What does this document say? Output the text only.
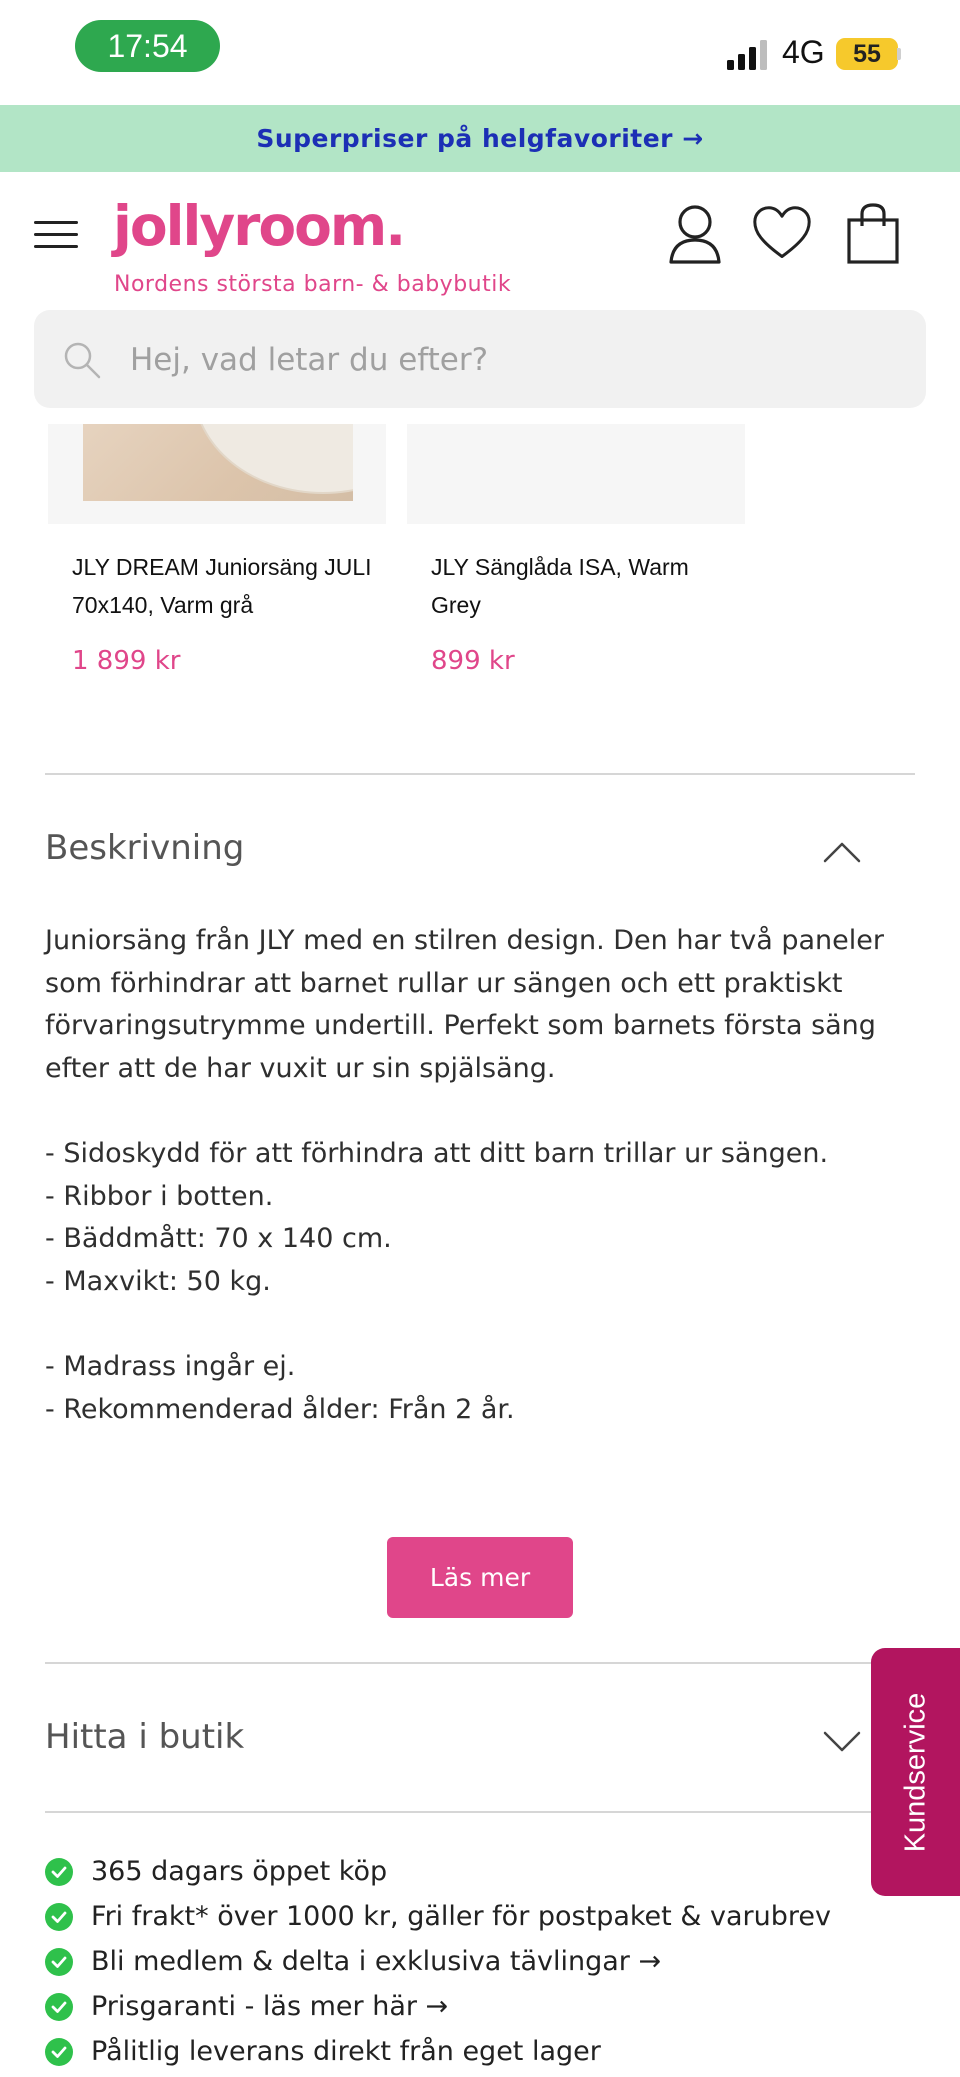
17:54	4G	55
Superpriser på helgfavoriter →
jollyroom.
Nordens största barn- & babybutik
Hej, vad letar du efter?
JLY DREAM Juniorsäng JULI 70x140, Varm grå
1 899 kr
JLY Sänglåda ISA, Warm Grey
899 kr
Beskrivning
Juniorsäng från JLY med en stilren design. Den har två paneler som förhindrar att barnet rullar ur sängen och ett praktiskt förvaringsutrymme undertill. Perfekt som barnets första säng efter att de har vuxit ur sin spjälsäng.

- Sidoskydd för att förhindra att ditt barn trillar ur sängen.
- Ribbor i botten.
- Bäddmått: 70 x 140 cm.
- Maxvikt: 50 kg.

- Madrass ingår ej.
- Rekommenderad ålder: Från 2 år.
Läs mer
Hitta i butik	Kundservice
365 dagars öppet köp
Fri frakt* över 1000 kr, gäller för postpaket & varubrev
Bli medlem & delta i exklusiva tävlingar →
Prisgaranti - läs mer här →
Pålitlig leverans direkt från eget lager
